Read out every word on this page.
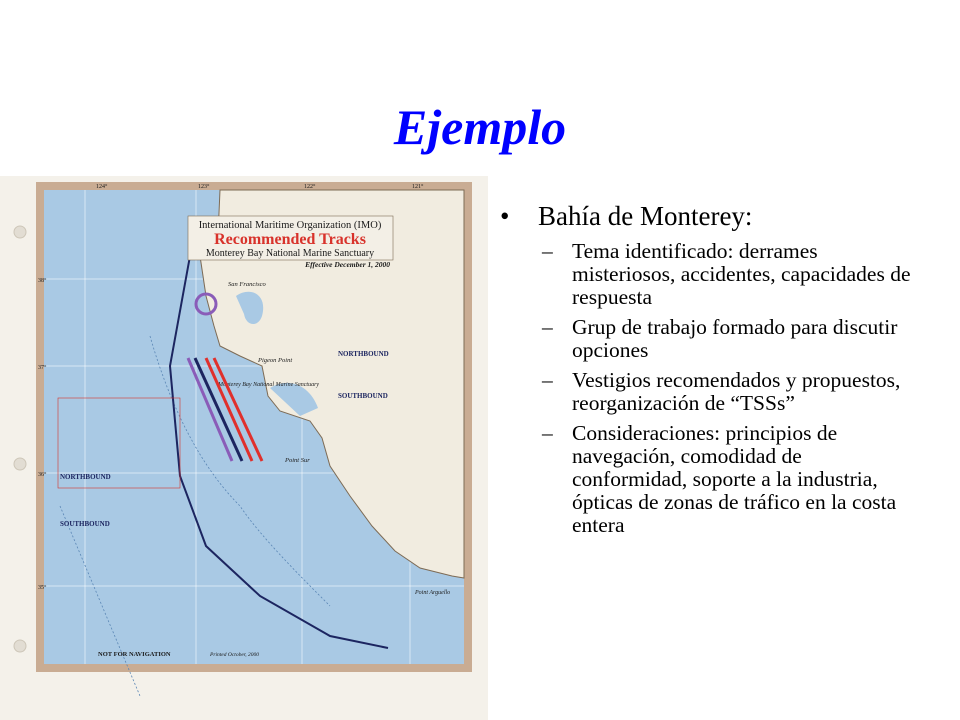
Ejemplo
International Maritime Organization (IMO)
Recommended Tracks
Monterey Bay National Marine Sanctuary
Effective December 1, 2000
San Francisco
Pigeon Point
Point Sur
Point Arguello
Monterey Bay National Marine Sanctuary
NORTHBOUND
SOUTHBOUND
NORTHBOUND
SOUTHBOUND
NOT FOR NAVIGATION	Printed October, 2000
124°	123°	122°	121°
38°
37°
36°
35°
•	Bahía de Monterey:
– Tema identificado: derrames misteriosos, accidentes, capacidades de respuesta
– Grup de trabajo formado para discutir opciones
– Vestigios recomendados y propuestos, reorganización de “TSSs”
– Consideraciones: principios de navegación, comodidad de conformidad, soporte a la industria, ópticas de zonas de tráfico en la costa entera
